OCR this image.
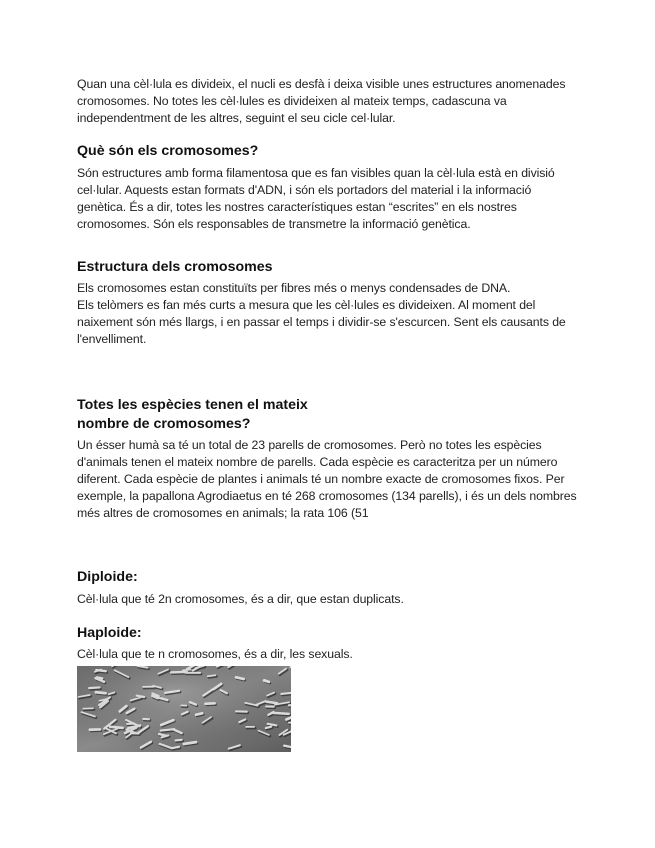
Quan una cèl·lula es divideix, el nucli es desfà i deixa visible unes estructures anomenades cromosomes. No totes les cèl·lules es divideixen al mateix temps, cadascuna va independentment de les altres, seguint el seu cicle cel·lular.

Què són els cromosomes?

Són estructures amb forma filamentosa que es fan visibles quan la cèl·lula està en divisió cel·lular. Aquests estan formats d'ADN, i són els portadors del material i la informació genètica. És a dir, totes les nostres característiques estan “escrites” en els nostres cromosomes. Són els responsables de transmetre la informació genètica.

Estructura dels cromosomes

Els cromosomes estan constituïts per fibres més o menys condensades de DNA.

Els telòmers es fan més curts a mesura que les cèl·lules es divideixen. Al moment del naixement són més llargs, i en passar el temps i dividir-se s'escurcen. Sent els causants de l'envelliment.

Totes les espècies tenen el mateix
nombre de cromosomes?

Un ésser humà sa té un total de 23 parells de cromosomes. Però no totes les espècies d'animals tenen el mateix nombre de parells. Cada espècie es caracteritza per un número diferent. Cada espècie de plantes i animals té un nombre exacte de cromosomes fixos. Per exemple, la papallona Agrodiaetus en té 268 cromosomes (134 parells), i és un dels nombres més altres de cromosomes en animals; la rata 106 (51

Diploide:

Cèl·lula que té 2n cromosomes, és a dir, que estan duplicats.

Haploide:

Cèl·lula que te n cromosomes, és a dir, les sexuals.
